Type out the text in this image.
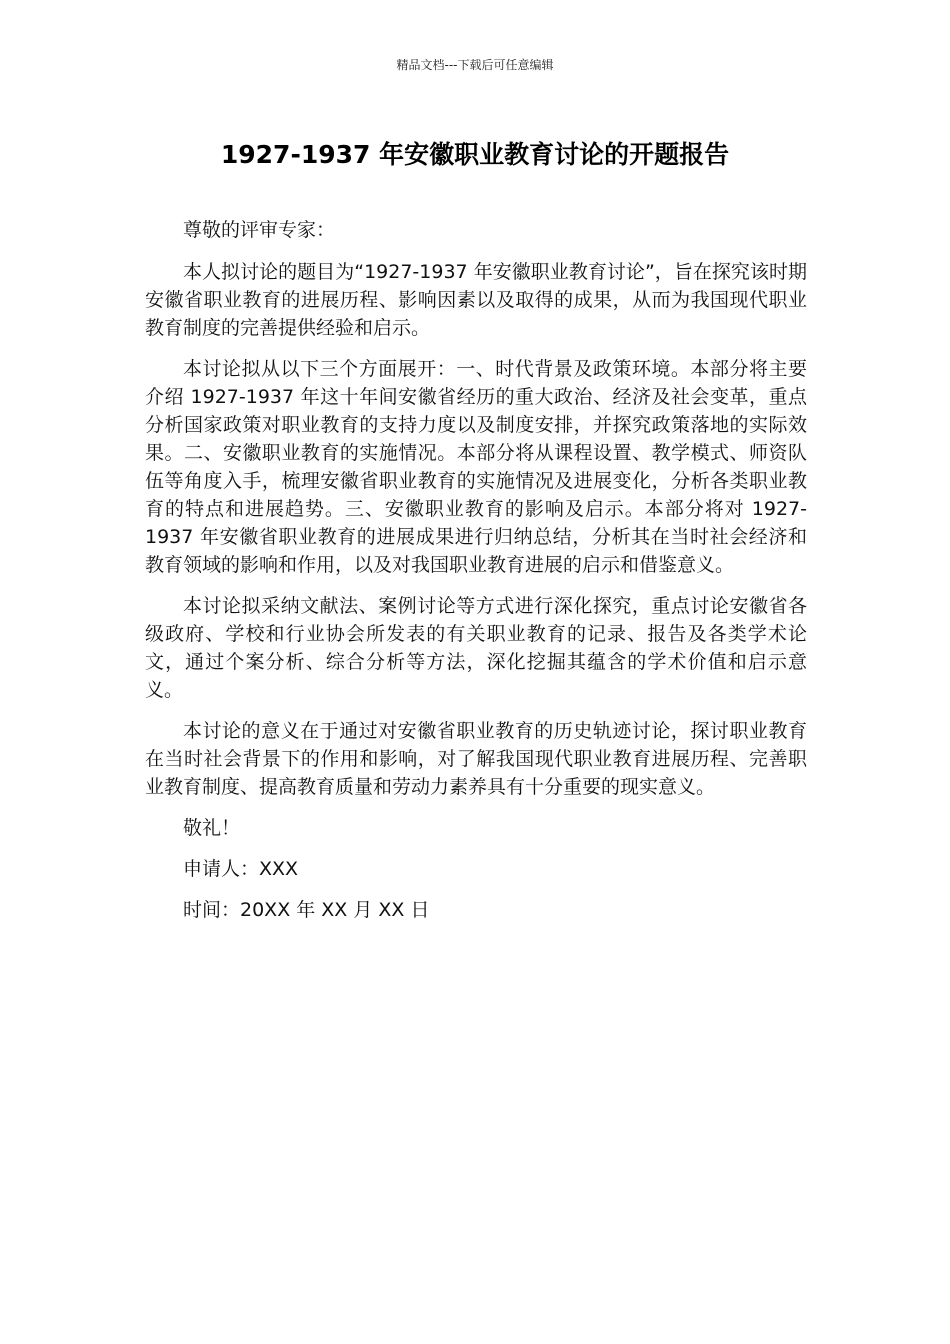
精品文档---下载后可任意编辑
1927-1937 年安徽职业教育讨论的开题报告

尊敬的评审专家：

本人拟讨论的题目为“1927-1937 年安徽职业教育讨论”，旨在探究该时期安徽省职业教育的进展历程、影响因素以及取得的成果，从而为我国现代职业教育制度的完善提供经验和启示。

本讨论拟从以下三个方面展开：一、时代背景及政策环境。本部分将主要介绍 1927-1937 年这十年间安徽省经历的重大政治、经济及社会变革，重点分析国家政策对职业教育的支持力度以及制度安排，并探究政策落地的实际效果。二、安徽职业教育的实施情况。本部分将从课程设置、教学模式、师资队伍等角度入手，梳理安徽省职业教育的实施情况及进展变化，分析各类职业教育的特点和进展趋势。三、安徽职业教育的影响及启示。本部分将对 1927-1937 年安徽省职业教育的进展成果进行归纳总结，分析其在当时社会经济和教育领域的影响和作用，以及对我国职业教育进展的启示和借鉴意义。

本讨论拟采纳文献法、案例讨论等方式进行深化探究，重点讨论安徽省各级政府、学校和行业协会所发表的有关职业教育的记录、报告及各类学术论文，通过个案分析、综合分析等方法，深化挖掘其蕴含的学术价值和启示意义。

本讨论的意义在于通过对安徽省职业教育的历史轨迹讨论，探讨职业教育在当时社会背景下的作用和影响，对了解我国现代职业教育进展历程、完善职业教育制度、提高教育质量和劳动力素养具有十分重要的现实意义。

敬礼！

申请人：XXX

时间：20XX 年 XX 月 XX 日
